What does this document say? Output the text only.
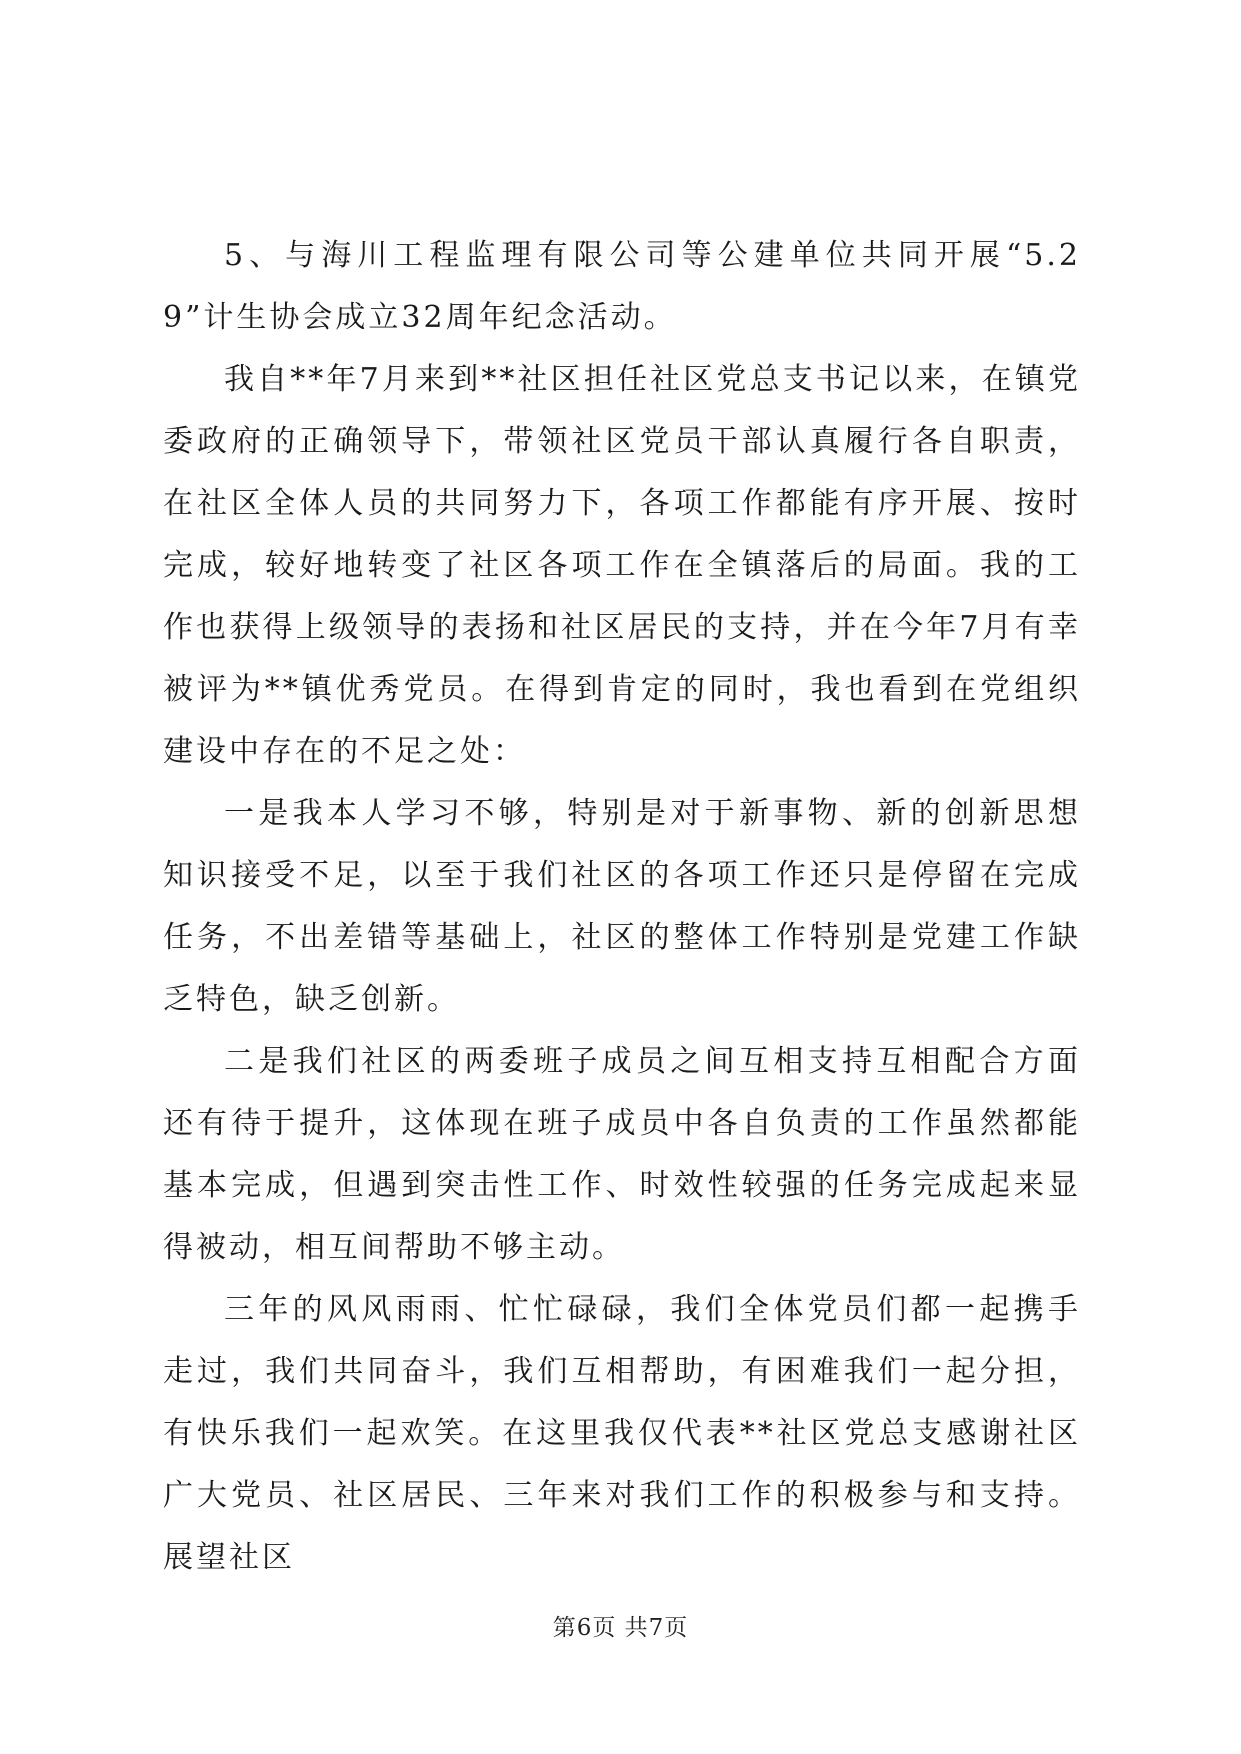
5、与海川工程监理有限公司等公建单位共同开展“5.29”计生协会成立32周年纪念活动。

我自**年7月来到**社区担任社区党总支书记以来，在镇党委政府的正确领导下，带领社区党员干部认真履行各自职责，在社区全体人员的共同努力下，各项工作都能有序开展、按时完成，较好地转变了社区各项工作在全镇落后的局面。我的工作也获得上级领导的表扬和社区居民的支持，并在今年7月有幸被评为**镇优秀党员。在得到肯定的同时，我也看到在党组织建设中存在的不足之处：

一是我本人学习不够，特别是对于新事物、新的创新思想知识接受不足，以至于我们社区的各项工作还只是停留在完成任务，不出差错等基础上，社区的整体工作特别是党建工作缺乏特色，缺乏创新。

二是我们社区的两委班子成员之间互相支持互相配合方面还有待于提升，这体现在班子成员中各自负责的工作虽然都能基本完成，但遇到突击性工作、时效性较强的任务完成起来显得被动，相互间帮助不够主动。

三年的风风雨雨、忙忙碌碌，我们全体党员们都一起携手走过，我们共同奋斗，我们互相帮助，有困难我们一起分担，有快乐我们一起欢笑。在这里我仅代表**社区党总支感谢社区广大党员、社区居民、三年来对我们工作的积极参与和支持。展望社区

第6页 共7页
